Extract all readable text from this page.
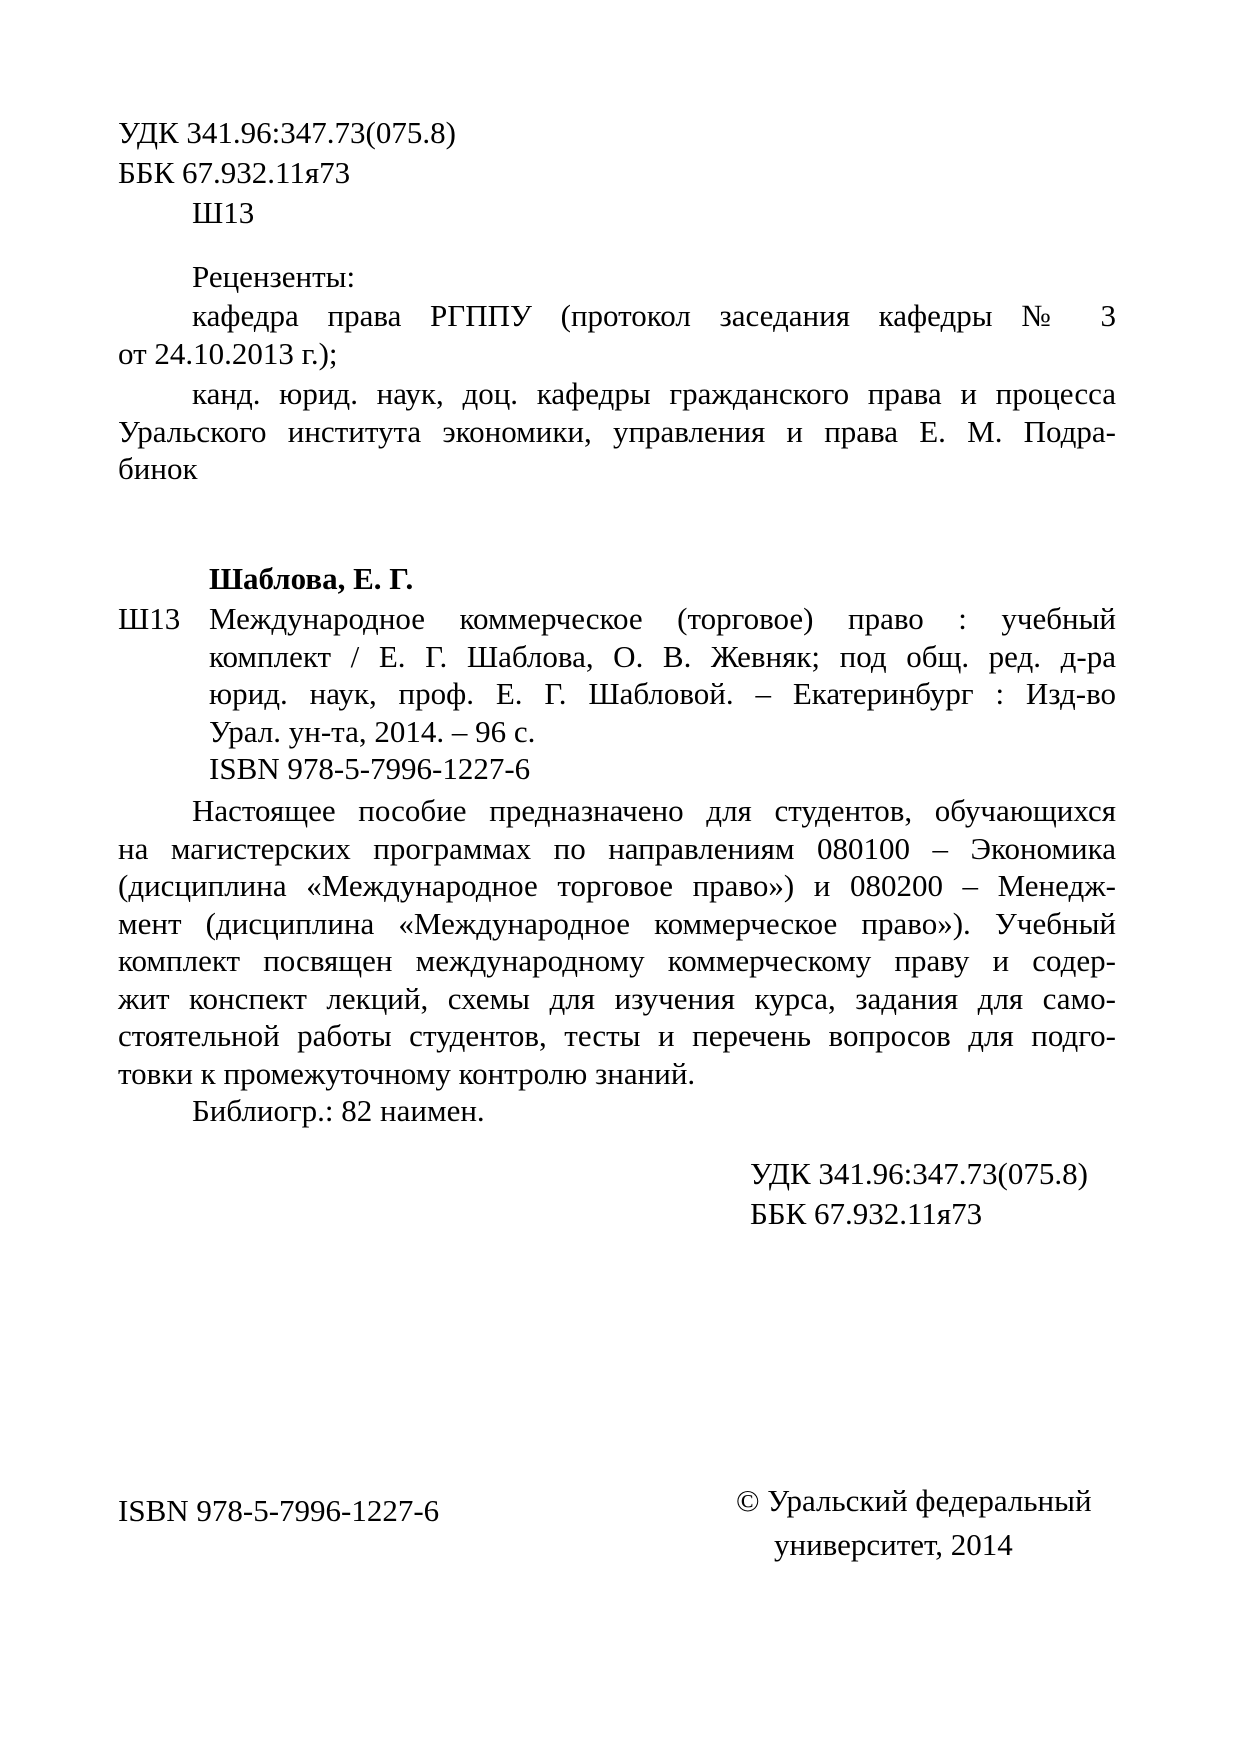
УДК 341.96:347.73(075.8)
ББК 67.932.11я73
Ш13
Рецензенты:
кафедра права РГППУ (протокол заседания кафедры № 3
от 24.10.2013 г.);
канд. юрид. наук, доц. кафедры гражданского права и процесса
Уральского института экономики, управления и права Е. М. Подра-
бинок
Шаблова, Е. Г.
Ш13 Международное коммерческое (торговое) право : учебный
комплект / Е. Г. Шаблова, О. В. Жевняк; под общ. ред. д-ра
юрид. наук, проф. Е. Г. Шабловой. – Екатеринбург : Изд-во
Урал. ун-та, 2014. – 96 с.
ISBN 978-5-7996-1227-6
Настоящее пособие предназначено для студентов, обучающихся
на магистерских программах по направлениям 080100 – Экономика
(дисциплина «Международное торговое право») и 080200 – Менедж-
мент (дисциплина «Международное коммерческое право»). Учебный
комплект посвящен международному коммерческому праву и содер-
жит конспект лекций, схемы для изучения курса, задания для само-
стоятельной работы студентов, тесты и перечень вопросов для подго-
товки к промежуточному контролю знаний.
Библиогр.: 82 наимен.
УДК 341.96:347.73(075.8)
ББК 67.932.11я73
ISBN 978-5-7996-1227-6	© Уральский федеральный
университет, 2014
